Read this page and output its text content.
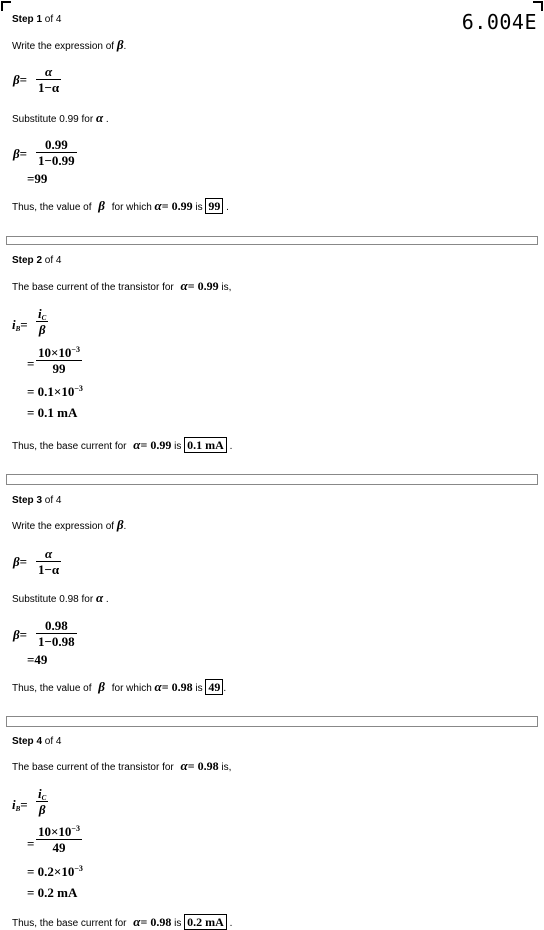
6.004E
Step 1 of 4
Write the expression of β.
β=
α
1−α
Substitute 0.99 for α .
β=
0.99
1−0.99
=99
Thus, the value of β for which α= 0.99 is 99 .
Step 2 of 4
The base current of the transistor for α= 0.99 is,
$i_B=$
$i_C$
β
=
$10\times 10^{-3}$
99
= $0.1\times 10^{-3}$
= 0.1 mA
Thus, the base current for α= 0.99 is 0.1 mA .
Step 3 of 4
Write the expression of β.
β=
α
1−α
Substitute 0.98 for α .
β=
0.98
1−0.98
=49
Thus, the value of β for which α= 0.98 is 49 .
Step 4 of 4
The base current of the transistor for α= 0.98 is,
$i_B=$
$i_C$
β
=
$10\times 10^{-3}$
49
= $0.2\times 10^{-3}$
= 0.2 mA
Thus, the base current for α= 0.98 is 0.2 mA .
